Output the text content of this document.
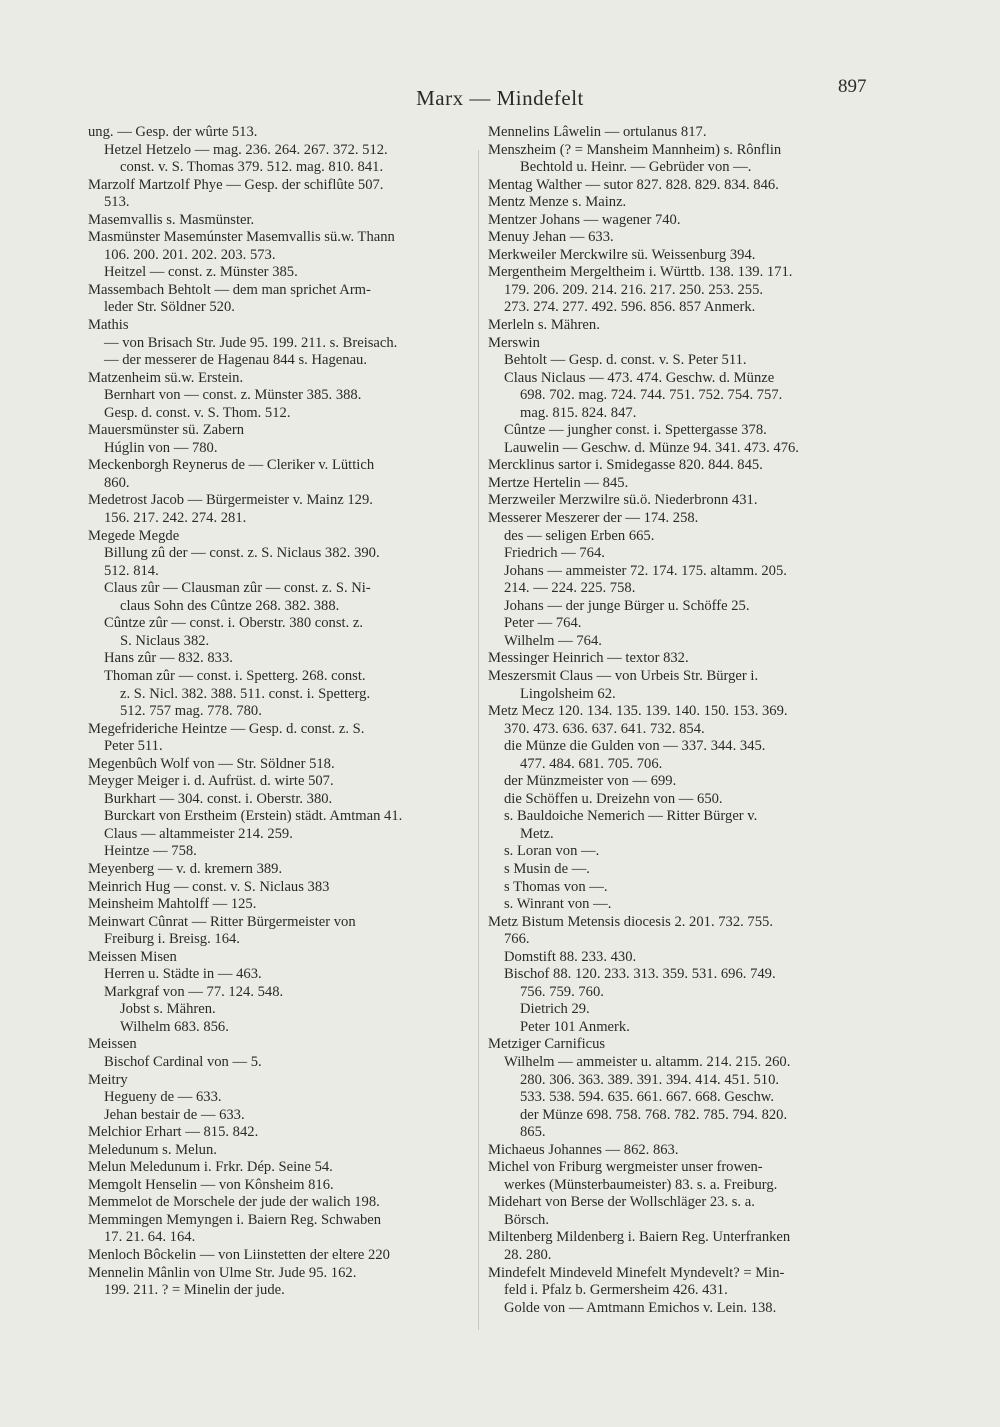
Marx — Mindefelt	897
ung. — Gesp. der wûrte 513.
Hetzel Hetzelo — mag. 236. 264. 267. 372. 512.
const. v. S. Thomas 379. 512. mag. 810. 841.
Marzolf Martzolf Phye — Gesp. der schiflûte 507.
513.
Masemvallis s. Masmünster.
Masmünster Masemúnster Masemvallis sü.w. Thann
106. 200. 201. 202. 203. 573.
Heitzel — const. z. Münster 385.
Massembach Behtolt — dem man sprichet Arm-
leder Str. Söldner 520.
Mathis
— von Brisach Str. Jude 95. 199. 211. s. Breisach.
— der messerer de Hagenau 844 s. Hagenau.
Matzenheim sü.w. Erstein.
Bernhart von — const. z. Münster 385. 388.
Gesp. d. const. v. S. Thom. 512.
Mauersmünster sü. Zabern
Húglin von — 780.
Meckenborgh Reynerus de — Cleriker v. Lüttich
860.
Medetrost Jacob — Bürgermeister v. Mainz 129.
156. 217. 242. 274. 281.
Megede Megde
Billung zû der — const. z. S. Niclaus 382. 390.
512. 814.
Claus zûr — Clausman zûr — const. z. S. Ni-
claus Sohn des Cûntze 268. 382. 388.
Cûntze zûr — const. i. Oberstr. 380 const. z.
S. Niclaus 382.
Hans zûr — 832. 833.
Thoman zûr — const. i. Spetterg. 268. const.
z. S. Nicl. 382. 388. 511. const. i. Spetterg.
512. 757 mag. 778. 780.
Megefrideriche Heintze — Gesp. d. const. z. S.
Peter 511.
Megenbûch Wolf von — Str. Söldner 518.
Meyger Meiger i. d. Aufrüst. d. wirte 507.
Burkhart — 304. const. i. Oberstr. 380.
Burckart von Erstheim (Erstein) städt. Amtman 41.
Claus — altammeister 214. 259.
Heintze — 758.
Meyenberg — v. d. kremern 389.
Meinrich Hug — const. v. S. Niclaus 383
Meinsheim Mahtolff — 125.
Meinwart Cûnrat — Ritter Bürgermeister von
Freiburg i. Breisg. 164.
Meissen Misen
Herren u. Städte in — 463.
Markgraf von — 77. 124. 548.
Jobst s. Mähren.
Wilhelm 683. 856.
Meissen
Bischof Cardinal von — 5.
Meitry
Hegueny de — 633.
Jehan bestair de — 633.
Melchior Erhart — 815. 842.
Meledunum s. Melun.
Melun Meledunum i. Frkr. Dép. Seine 54.
Memgolt Henselin — von Kônsheim 816.
Memmelot de Morschele der jude der walich 198.
Memmingen Memyngen i. Baiern Reg. Schwaben
17. 21. 64. 164.
Menloch Bôckelin — von Liinstetten der eltere 220
Mennelin Mânlin von Ulme Str. Jude 95. 162.
199. 211. ? = Minelin der jude.
Mennelins Lâwelin — ortulanus 817.
Menszheim (? = Mansheim Mannheim) s. Rônflin
Bechtold u. Heinr. — Gebrüder von —.
Mentag Walther — sutor 827. 828. 829. 834. 846.
Mentz Menze s. Mainz.
Mentzer Johans — wagener 740.
Menuy Jehan — 633.
Merkweiler Merckwilre sü. Weissenburg 394.
Mergentheim Mergeltheim i. Württb. 138. 139. 171.
179. 206. 209. 214. 216. 217. 250. 253. 255.
273. 274. 277. 492. 596. 856. 857 Anmerk.
Merleln s. Mähren.
Merswin
Behtolt — Gesp. d. const. v. S. Peter 511.
Claus Niclaus — 473. 474. Geschw. d. Münze
698. 702. mag. 724. 744. 751. 752. 754. 757.
mag. 815. 824. 847.
Cûntze — jungher const. i. Spettergasse 378.
Lauwelin — Geschw. d. Münze 94. 341. 473. 476.
Mercklinus sartor i. Smidegasse 820. 844. 845.
Mertze Hertelin — 845.
Merzweiler Merzwilre sü.ö. Niederbronn 431.
Messerer Meszerer der — 174. 258.
des — seligen Erben 665.
Friedrich — 764.
Johans — ammeister 72. 174. 175. altamm. 205.
214. — 224. 225. 758.
Johans — der junge Bürger u. Schöffe 25.
Peter — 764.
Wilhelm — 764.
Messinger Heinrich — textor 832.
Meszersmit Claus — von Urbeis Str. Bürger i.
Lingolsheim 62.
Metz Mecz 120. 134. 135. 139. 140. 150. 153. 369.
370. 473. 636. 637. 641. 732. 854.
die Münze die Gulden von — 337. 344. 345.
477. 484. 681. 705. 706.
der Münzmeister von — 699.
die Schöffen u. Dreizehn von — 650.
s. Bauldoiche Nemerich — Ritter Bürger v.
Metz.
s. Loran von —.
s Musin de —.
s Thomas von —.
s. Winrant von —.
Metz Bistum Metensis diocesis 2. 201. 732. 755.
766.
Domstift 88. 233. 430.
Bischof 88. 120. 233. 313. 359. 531. 696. 749.
756. 759. 760.
Dietrich 29.
Peter 101 Anmerk.
Metziger Carnificus
Wilhelm — ammeister u. altamm. 214. 215. 260.
280. 306. 363. 389. 391. 394. 414. 451. 510.
533. 538. 594. 635. 661. 667. 668. Geschw.
der Münze 698. 758. 768. 782. 785. 794. 820.
865.
Michaeus Johannes — 862. 863.
Michel von Friburg wergmeister unser frowen-
werkes (Münsterbaumeister) 83. s. a. Freiburg.
Midehart von Berse der Wollschläger 23. s. a.
Börsch.
Miltenberg Mildenberg i. Baiern Reg. Unterfranken
28. 280.
Mindefelt Mindeveld Minefelt Myndevelt? = Min-
feld i. Pfalz b. Germersheim 426. 431.
Golde von — Amtmann Emichos v. Lein. 138.
